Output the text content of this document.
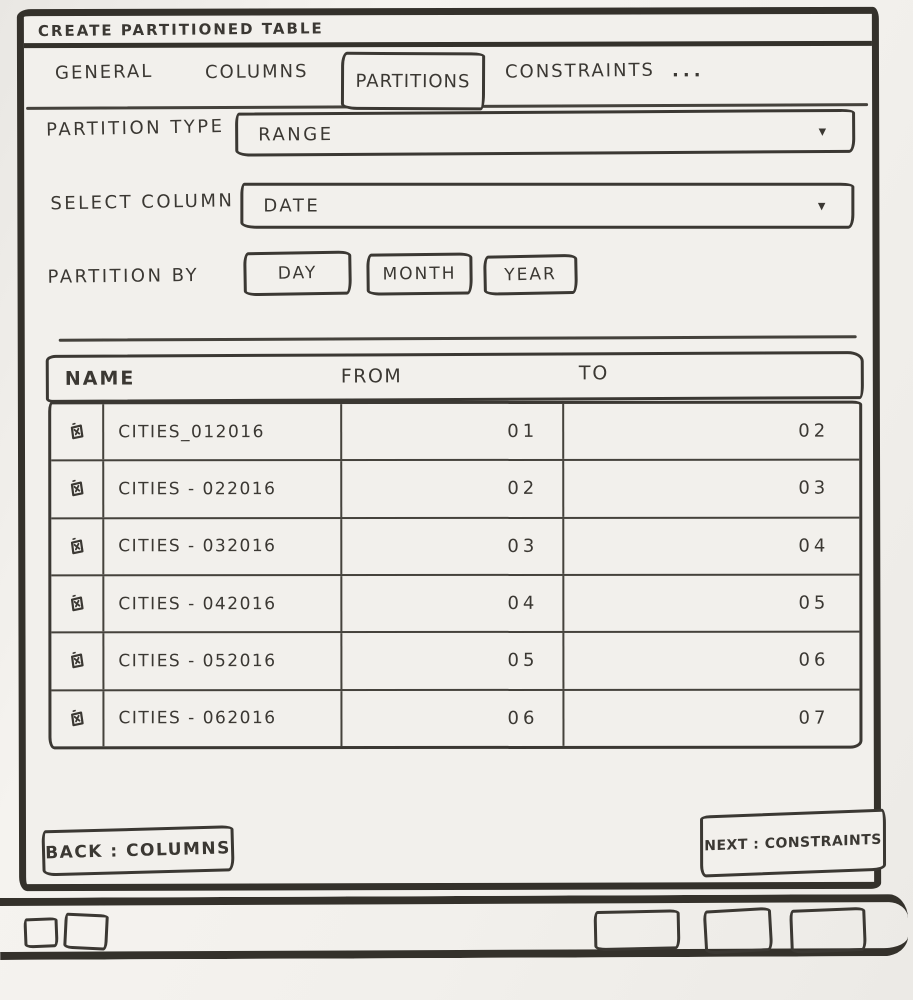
CREATE PARTITIONED TABLE
GENERAL	COLUMNS	PARTITIONS CONSTRAINTS ...
PARTITION TYPE	RANGE	▾
SELECT COLUMN	DATE	▾
PARTITION BY	DAY	MONTH	YEAR
NAME	FROM	TO
CITIES_012016	01	02
CITIES - 022016	02	03
CITIES - 032016	03	04
CITIES - 042016	04	05
CITIES - 052016	05	06
CITIES - 062016	06	07
BACK : COLUMNS	NEXT : CONSTRAINTS
